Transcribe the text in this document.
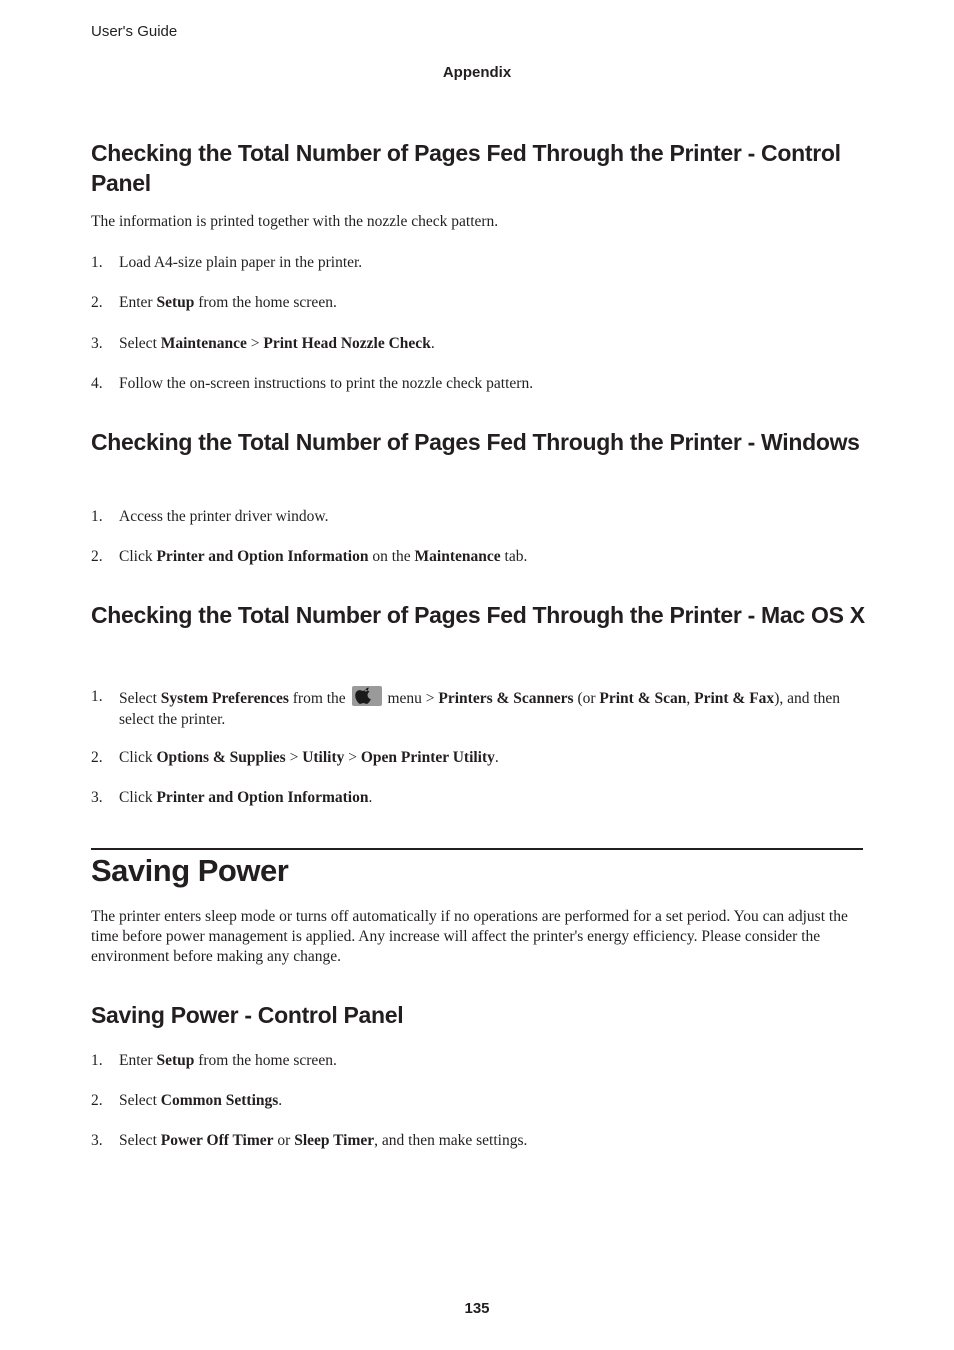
User's Guide
Appendix
Checking the Total Number of Pages Fed Through the Printer - Control Panel

The information is printed together with the nozzle check pattern.

1.	Load A4-size plain paper in the printer.
2.	Enter Setup from the home screen.
3.	Select Maintenance > Print Head Nozzle Check.
4.	Follow the on-screen instructions to print the nozzle check pattern.
Checking the Total Number of Pages Fed Through the Printer - Windows
1.	Access the printer driver window.
2.	Click Printer and Option Information on the Maintenance tab.
Checking the Total Number of Pages Fed Through the Printer - Mac OS X
1.	Select System Preferences from the
menu > Printers & Scanners (or Print & Scan, Print & Fax), and then select the printer.
2.	Click Options & Supplies > Utility > Open Printer Utility.
3.	Click Printer and Option Information.
Saving Power

The printer enters sleep mode or turns off automatically if no operations are performed for a set period. You can adjust the time before power management is applied. Any increase will affect the printer's energy efficiency. Please consider the environment before making any change.

Saving Power - Control Panel
1.	Enter Setup from the home screen.
2.	Select Common Settings.
3.	Select Power Off Timer or Sleep Timer, and then make settings.
135
